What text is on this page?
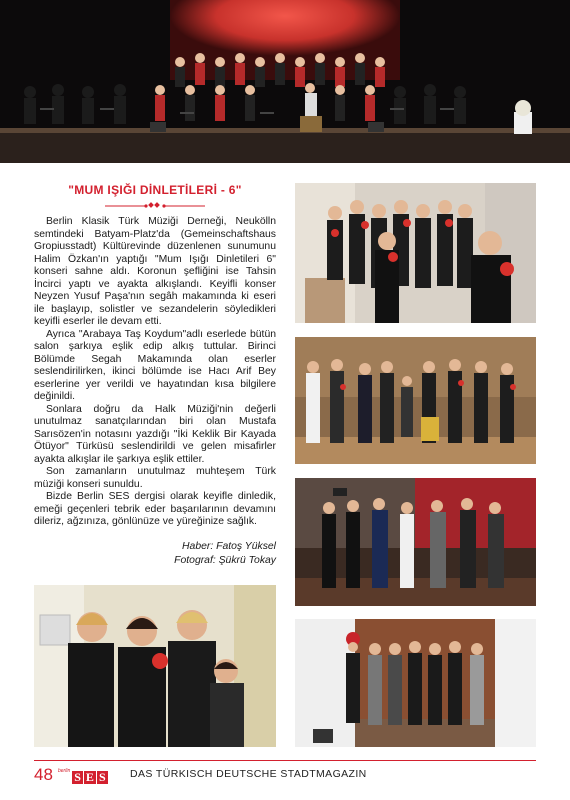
"MUM IŞIĞI DİNLETİLERİ - 6"

Berlin Klasik Türk Müziği Derneği, Neukölln semtindeki Batyam-Platz'da (Gemeinschaftshaus Gropiusstadt) Kültürevinde düzenlenen sunumunu Halim Özkan'ın yaptığı "Mum Işığı Dinletileri 6" konseri sahne aldı. Koronun şefliğini ise Tahsin İncirci yaptı ve ayakta alkışlandı. Keyifli konser Neyzen Yusuf Paşa'nın segâh makamında ki eseri ile başlayıp, solistler ve sezandelerin söyledikleri keyifli eserler ile devam etti.

Ayrıca "Arabaya Taş Koydum"adlı eserlede bütün salon şarkıya eşlik edip alkış tuttular. Birinci Bölümde Segah Makamında olan eserler seslendirilirken, ikinci bölümde ise Hacı Arif Bey eserlerine yer verildi ve hayatından kısa bilgilere değinildi.

Sonlara doğru da Halk Müziği'nin değerli unutulmaz sanatçılarından biri olan Mustafa Sarısözen'in notasını yazdığı "İki Keklik Bir Kayada Ötüyor" Türküsü seslendirildi ve gelen misafirler ayakta alkışlar ile şarkıya eşlik ettiler.

Son zamanların unutulmaz muhteşem Türk müziği konseri sunuldu.

Bizde Berlin SES dergisi olarak keyifle dinledik, emeği geçenleri tebrik eder başarılarının devamını dileriz, ağzınıza, gönlünüze ve yüreğinize sağlık.

Haber: Fatoş Yüksel
Fotograf: Şükrü Tokay
48 berlin S E S DAS TÜRKISCH DEUTSCHE STADTMAGAZIN
